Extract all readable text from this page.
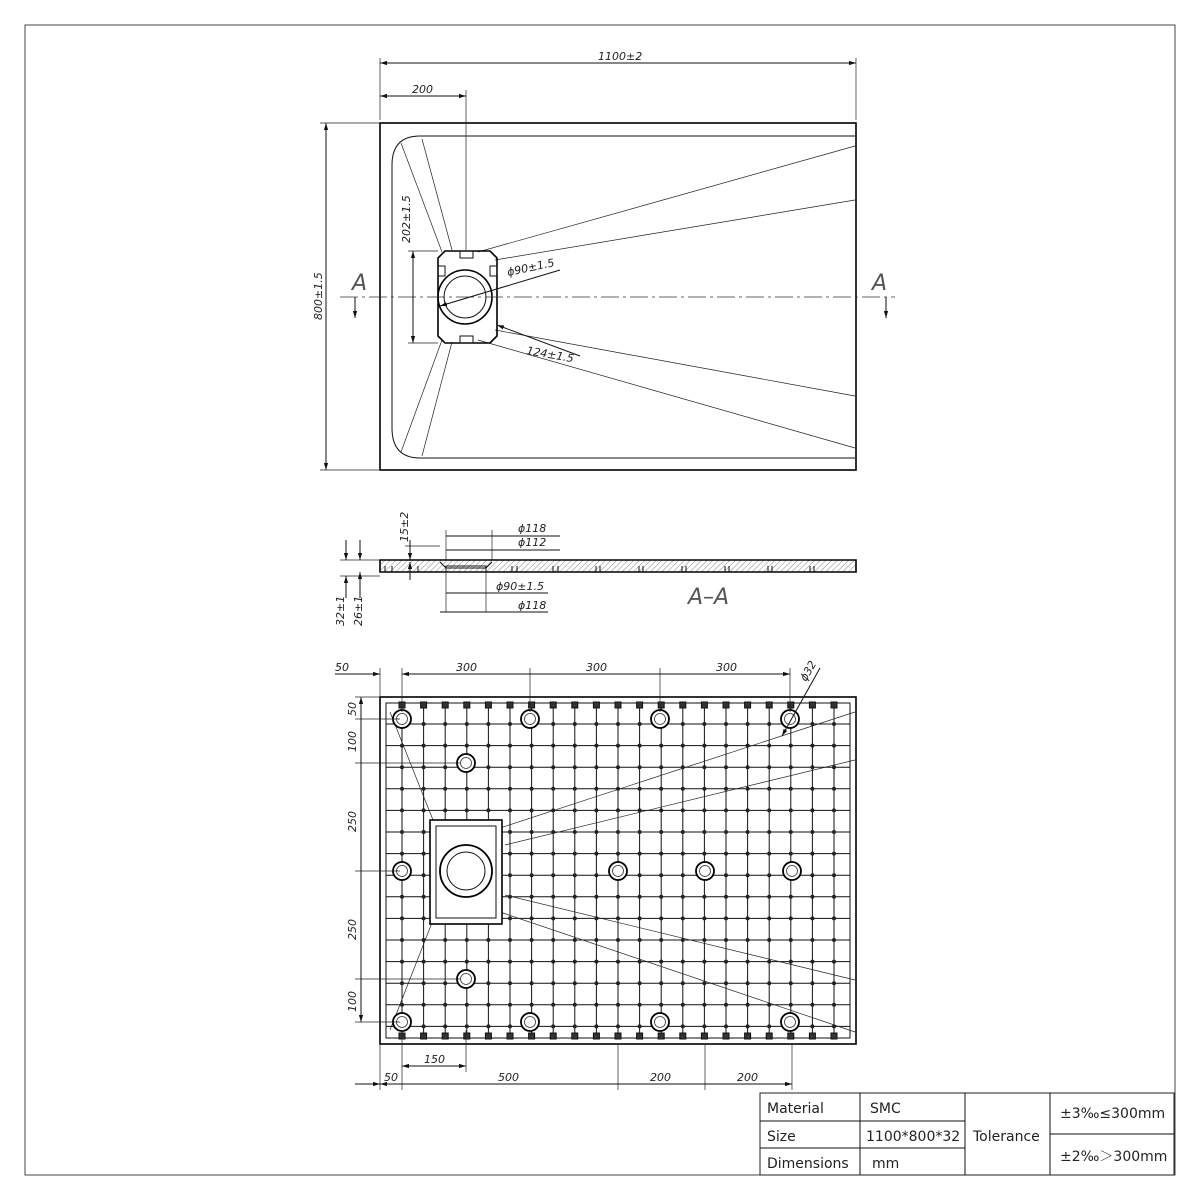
A	A
1100±2
200
800±1.5
202±1.5
ϕ90±1.5
124±1.5
A–A
15±2	ϕ118
ϕ112
ϕ90±1.5
ϕ118
32±1 26±1
50	300	300	300	ϕ32
50
100
250
250
100
50
150
500	200	200
Material	SMC
Size	1100*800*32
Dimensions mm
Tolerance
±3‰≤300mm
±2‰＞300mm
